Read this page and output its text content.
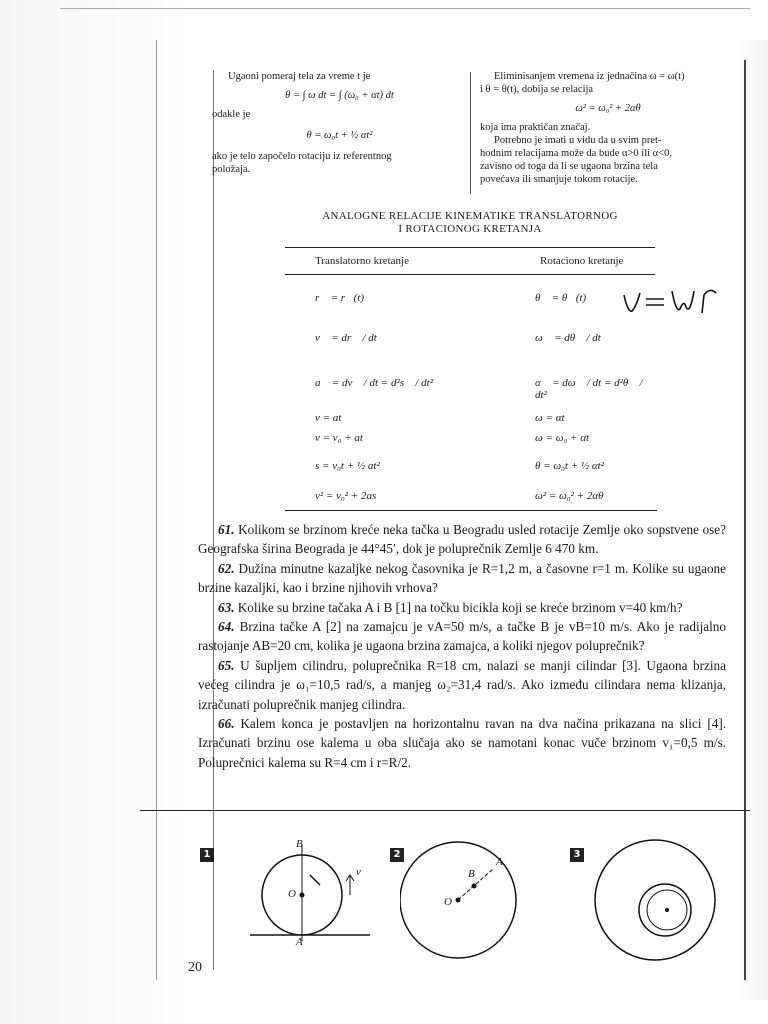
Ugaoni pomeraj tela za vreme t je

θ = ∫ ω dt = ∫ (ω₀ + αt) dt

odakle je

θ = ω₀t + ½ αt²

ako je telo započelo rotaciju iz referentnog

položaja.

Eliminisanjem vremena iz jednačina ω = ω(t)

i θ = θ(t), dobija se relacija

ω² = ω₀² + 2αθ

koja ima praktičan značaj.

Potrebno je imati u vidu da u svim pret-

hodnim relacijama može da bude α>0 ili α<0,

zavisno od toga da li se ugaona brzina tela

povećava ili smanjuje tokom rotacije.

ANALOGNE RELACIJE KINEMATIKE TRANSLATORNOG
I ROTACIONOG KRETANJA
Translatorno kretanje	Rotaciono kretanje
r⃗ = r⃗(t)	θ⃗ = θ⃗(t)
v⃗ = dr⃗ / dt	ω⃗ = dθ⃗ / dt
a⃗ = dv⃗ / dt = d²s⃗ / dt²	α⃗ = dω⃗ / dt = d²θ⃗ / dt²
v = at	ω = αt
v = v₀ + at	ω = ω₀ + αt
s = v₀t + ½ at²	θ = ω₀t + ½ αt²
v² = v₀² + 2as	ω² = ω₀² + 2αθ

61. Kolikom se brzinom kreće neka tačka u Beogradu usled rotacije Zemlje oko sopstvene ose? Geografska širina Beograda je 44°45′, dok je poluprečnik Zemlje 6 470 km.

62. Dužina minutne kazaljke nekog časovnika je R=1,2 m, a časovne r=1 m. Kolike su ugaone brzine kazaljki, kao i brzine njihovih vrhova?

63. Kolike su brzine tačaka A i B [1] na točku bicikla koji se kreće brzinom v=40 km/h?

64. Brzina tačke A [2] na zamajcu je vA=50 m/s, a tačke B je vB=10 m/s. Ako je radijalno rastojanje AB=20 cm, kolika je ugaona brzina zamajca, a koliki njegov poluprečnik?

65. U šupljem cilindru, poluprečnika R=18 cm, nalazi se manji cilindar [3]. Ugaona brzina većeg cilindra je ω₁=10,5 rad/s, a manjeg ω₂=31,4 rad/s. Ako između cilindara nema klizanja, izračunati poluprečnik manjeg cilindra.

66. Kalem konca je postavljen na horizontalnu ravan na dva načina prikazana na slici [4]. Izračunati brzinu ose kalema u oba slučaja ako se namotani konac vuče brzinom v₁=0,5 m/s. Poluprečnici kalema su R=4 cm i r=R/2.

1
B
O
A
v⃗
2
O
B
A
3
20
